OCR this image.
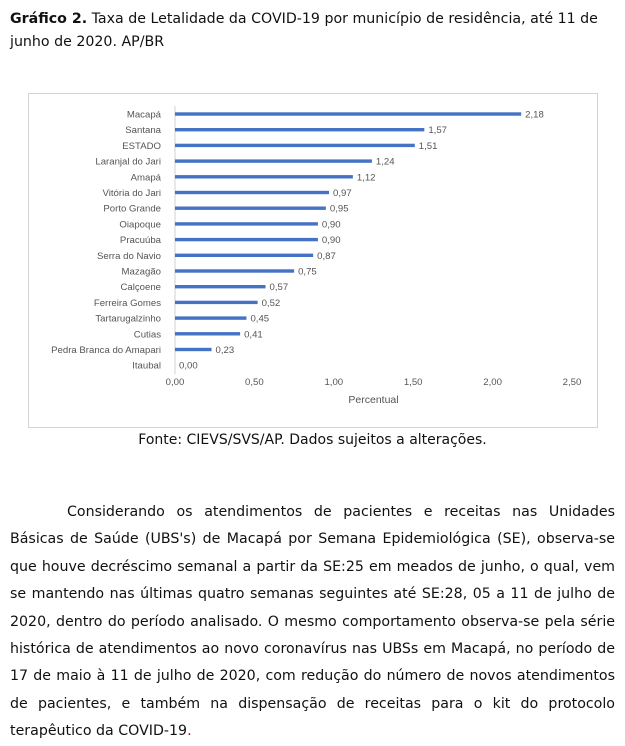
Gráfico 2. Taxa de Letalidade da COVID-19 por município de residência, até 11 de junho de 2020. AP/BR
Macapá	2,18
Santana	1,57
ESTADO	1,51
Laranjal do Jari	1,24
Amapá	1,12
Vitória do Jari	0,97
Porto Grande	0,95
Oiapoque	0,90
Pracuúba	0,90
Serra do Navio	0,87
Mazagão	0,75
Calçoene	0,57
Ferreira Gomes	0,52
Tartarugalzinho	0,45
Cutias	0,41
Pedra Branca do Amapari	0,23
Itaubal 0,00
0,00	0,50	1,00	1,50	2,00	2,50
Percentual
Fonte: CIEVS/SVS/AP. Dados sujeitos a alterações.
Considerando os atendimentos de pacientes e receitas nas Unidades Básicas de Saúde (UBS's) de Macapá por Semana Epidemiológica (SE), observa-se que houve decréscimo semanal a partir da SE:25 em meados de junho, o qual, vem se mantendo nas últimas quatro semanas seguintes até SE:28, 05 a 11 de julho de 2020, dentro do período analisado. O mesmo comportamento observa-se pela série histórica de atendimentos ao novo coronavírus nas UBSs em Macapá, no período de 17 de maio à 11 de julho de 2020, com redução do número de novos atendimentos de pacientes, e também na dispensação de receitas para o kit do protocolo terapêutico da COVID-19.
